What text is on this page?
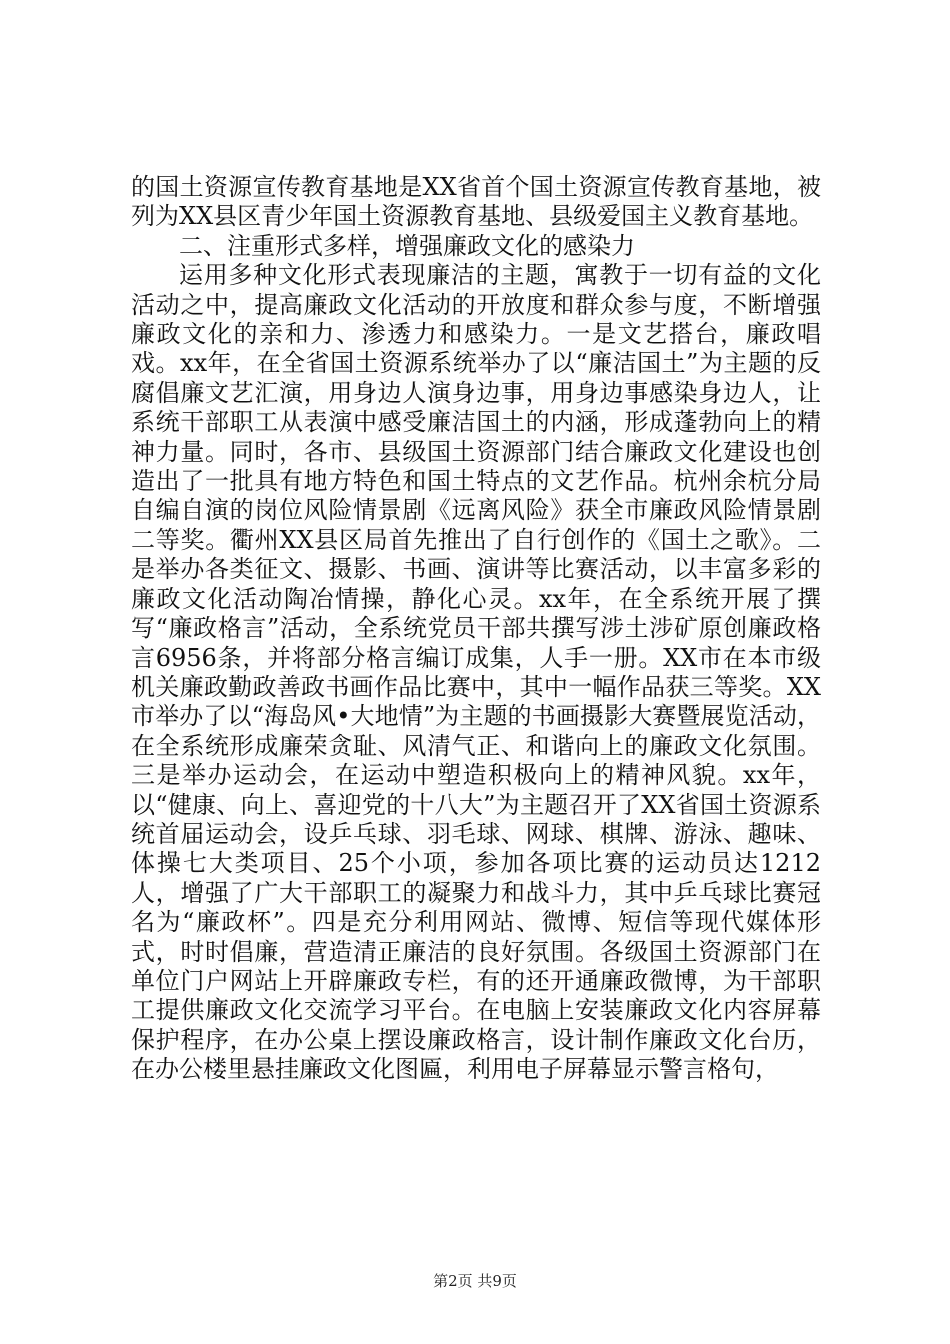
的国土资源宣传教育基地是XX省首个国土资源宣传教育基地，被列为XX县区青少年国土资源教育基地、县级爱国主义教育基地。

二、注重形式多样，增强廉政文化的感染力

运用多种文化形式表现廉洁的主题，寓教于一切有益的文化活动之中，提高廉政文化活动的开放度和群众参与度，不断增强廉政文化的亲和力、渗透力和感染力。一是文艺搭台，廉政唱戏。xx年，在全省国土资源系统举办了以“廉洁国土”为主题的反腐倡廉文艺汇演，用身边人演身边事，用身边事感染身边人，让系统干部职工从表演中感受廉洁国土的内涵，形成蓬勃向上的精神力量。同时，各市、县级国土资源部门结合廉政文化建设也创造出了一批具有地方特色和国土特点的文艺作品。杭州余杭分局自编自演的岗位风险情景剧《远离风险》获全市廉政风险情景剧二等奖。衢州XX县区局首先推出了自行创作的《国土之歌》。二是举办各类征文、摄影、书画、演讲等比赛活动，以丰富多彩的廉政文化活动陶冶情操，静化心灵。xx年，在全系统开展了撰写“廉政格言”活动，全系统党员干部共撰写涉土涉矿原创廉政格言6956条，并将部分格言编订成集，人手一册。XX市在本市级机关廉政勤政善政书画作品比赛中，其中一幅作品获三等奖。XX市举办了以“海岛风•大地情”为主题的书画摄影大赛暨展览活动，在全系统形成廉荣贪耻、风清气正、和谐向上的廉政文化氛围。三是举办运动会，在运动中塑造积极向上的精神风貌。xx年，以“健康、向上、喜迎党的十八大”为主题召开了XX省国土资源系统首届运动会，设乒乓球、羽毛球、网球、棋牌、游泳、趣味、体操七大类项目、25个小项，参加各项比赛的运动员达1212人，增强了广大干部职工的凝聚力和战斗力，其中乒乓球比赛冠名为“廉政杯”。四是充分利用网站、微博、短信等现代媒体形式，时时倡廉，营造清正廉洁的良好氛围。各级国土资源部门在单位门户网站上开辟廉政专栏，有的还开通廉政微博，为干部职工提供廉政文化交流学习平台。在电脑上安装廉政文化内容屏幕保护程序，在办公桌上摆设廉政格言，设计制作廉政文化台历，在办公楼里悬挂廉政文化图匾，利用电子屏幕显示警言格句，

第2页 共9页
